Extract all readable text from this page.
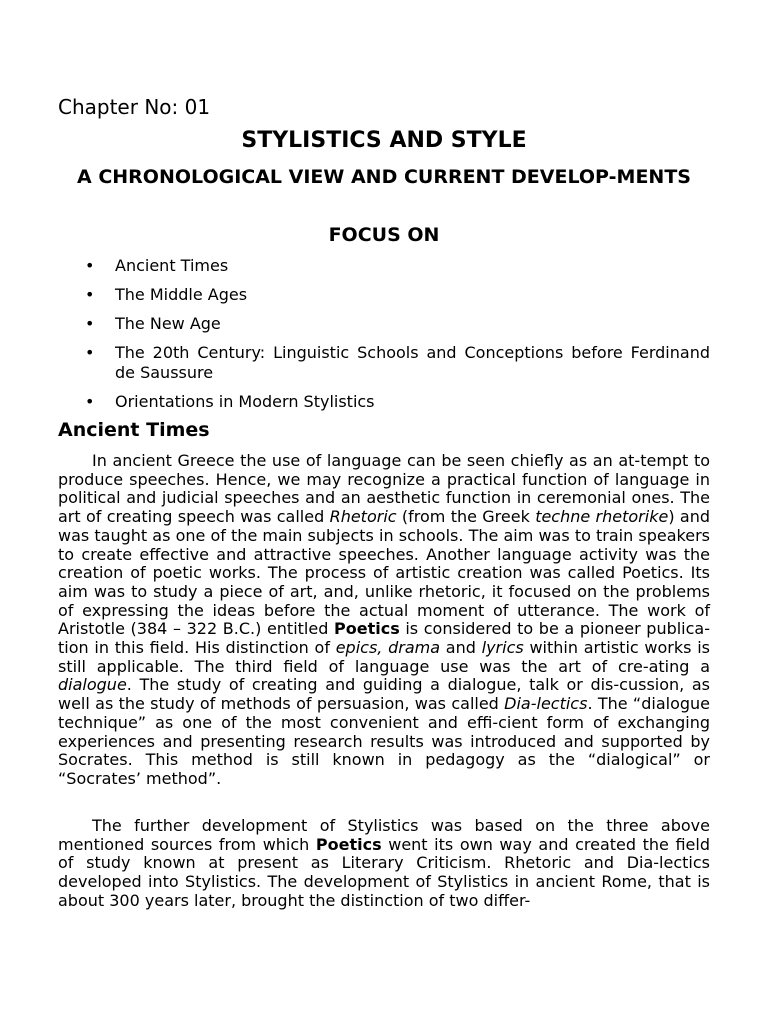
Chapter No: 01
STYLISTICS AND STYLE
A CHRONOLOGICAL VIEW AND CURRENT DEVELOP-MENTS
FOCUS ON
• Ancient Times
• The Middle Ages
• The New Age
• The 20th Century: Linguistic Schools and Conceptions before Ferdinand de Saussure
• Orientations in Modern Stylistics
Ancient Times

In ancient Greece the use of language can be seen chiefly as an at-tempt to produce speeches. Hence, we may recognize a practical function of language in political and judicial speeches and an aesthetic function in ceremonial ones. The art of creating speech was called Rhetoric (from the Greek techne rhetorike) and was taught as one of the main subjects in schools. The aim was to train speakers to create effective and attractive speeches. Another language activity was the creation of poetic works. The process of artistic creation was called Poetics. Its aim was to study a piece of art, and, unlike rhetoric, it focused on the problems of expressing the ideas before the actual moment of utterance. The work of Aristotle (384 – 322 B.C.) entitled Poetics is considered to be a pioneer publica-tion in this field. His distinction of epics, drama and lyrics within artistic works is still applicable. The third field of language use was the art of cre-ating a dialogue. The study of creating and guiding a dialogue, talk or dis-cussion, as well as the study of methods of persuasion, was called Dia-lectics. The “dialogue technique” as one of the most convenient and effi-cient form of exchanging experiences and presenting research results was introduced and supported by Socrates. This method is still known in pedagogy as the “dialogical” or “Socrates’ method”.

The further development of Stylistics was based on the three above mentioned sources from which Poetics went its own way and created the field of study known at present as Literary Criticism. Rhetoric and Dia-lectics developed into Stylistics. The development of Stylistics in ancient Rome, that is about 300 years later, brought the distinction of two differ-
